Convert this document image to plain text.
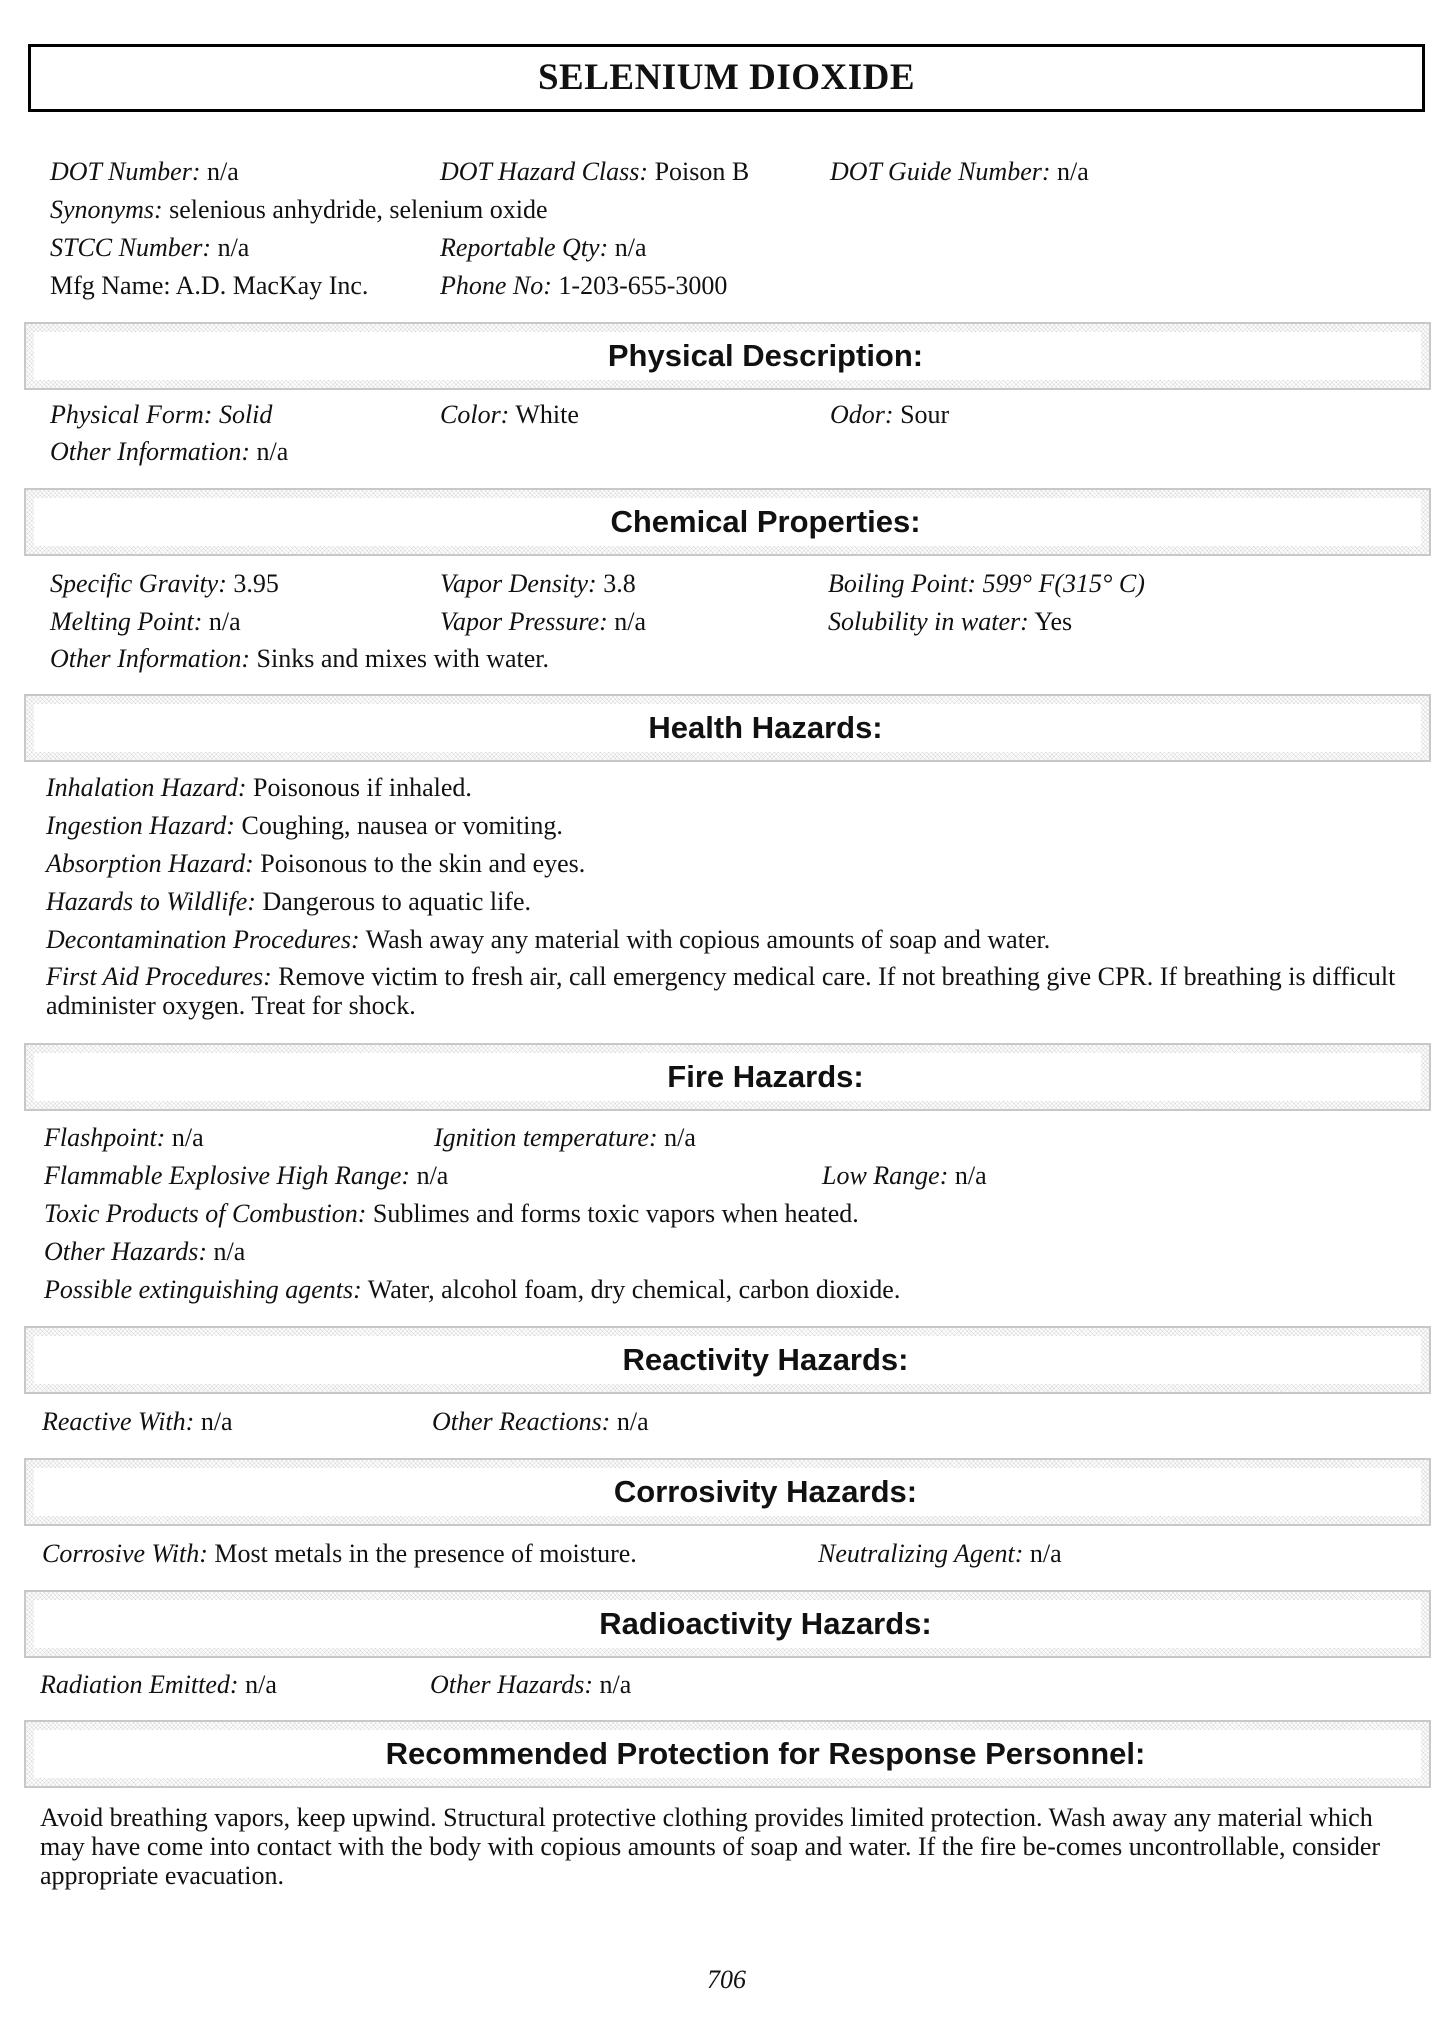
SELENIUM DIOXIDE
DOT Number: n/a	DOT Hazard Class: Poison B	DOT Guide Number: n/a
Synonyms: selenious anhydride, selenium oxide
STCC Number: n/a	Reportable Qty: n/a
Mfg Name: A.D. MacKay Inc.	Phone No: 1-203-655-3000
Physical Description:
Physical Form: Solid	Color: White	Odor: Sour
Other Information: n/a
Chemical Properties:
Specific Gravity: 3.95	Vapor Density: 3.8	Boiling Point: 599° F(315° C)
Melting Point: n/a	Vapor Pressure: n/a	Solubility in water: Yes
Other Information: Sinks and mixes with water.
Health Hazards:
Inhalation Hazard: Poisonous if inhaled.
Ingestion Hazard: Coughing, nausea or vomiting.
Absorption Hazard: Poisonous to the skin and eyes.
Hazards to Wildlife: Dangerous to aquatic life.
Decontamination Procedures: Wash away any material with copious amounts of soap and water.
First Aid Procedures: Remove victim to fresh air, call emergency medical care. If not breathing give CPR. If breathing is difficult administer oxygen. Treat for shock.
Fire Hazards:
Flashpoint: n/a	Ignition temperature: n/a
Flammable Explosive High Range: n/a	Low Range: n/a
Toxic Products of Combustion: Sublimes and forms toxic vapors when heated.
Other Hazards: n/a
Possible extinguishing agents: Water, alcohol foam, dry chemical, carbon dioxide.
Reactivity Hazards:
Reactive With: n/a	Other Reactions: n/a
Corrosivity Hazards:
Corrosive With: Most metals in the presence of moisture.	Neutralizing Agent: n/a
Radioactivity Hazards:
Radiation Emitted: n/a	Other Hazards: n/a
Recommended Protection for Response Personnel:
Avoid breathing vapors, keep upwind. Structural protective clothing provides limited protection. Wash away any material which may have come into contact with the body with copious amounts of soap and water. If the fire be-comes uncontrollable, consider appropriate evacuation.
706
